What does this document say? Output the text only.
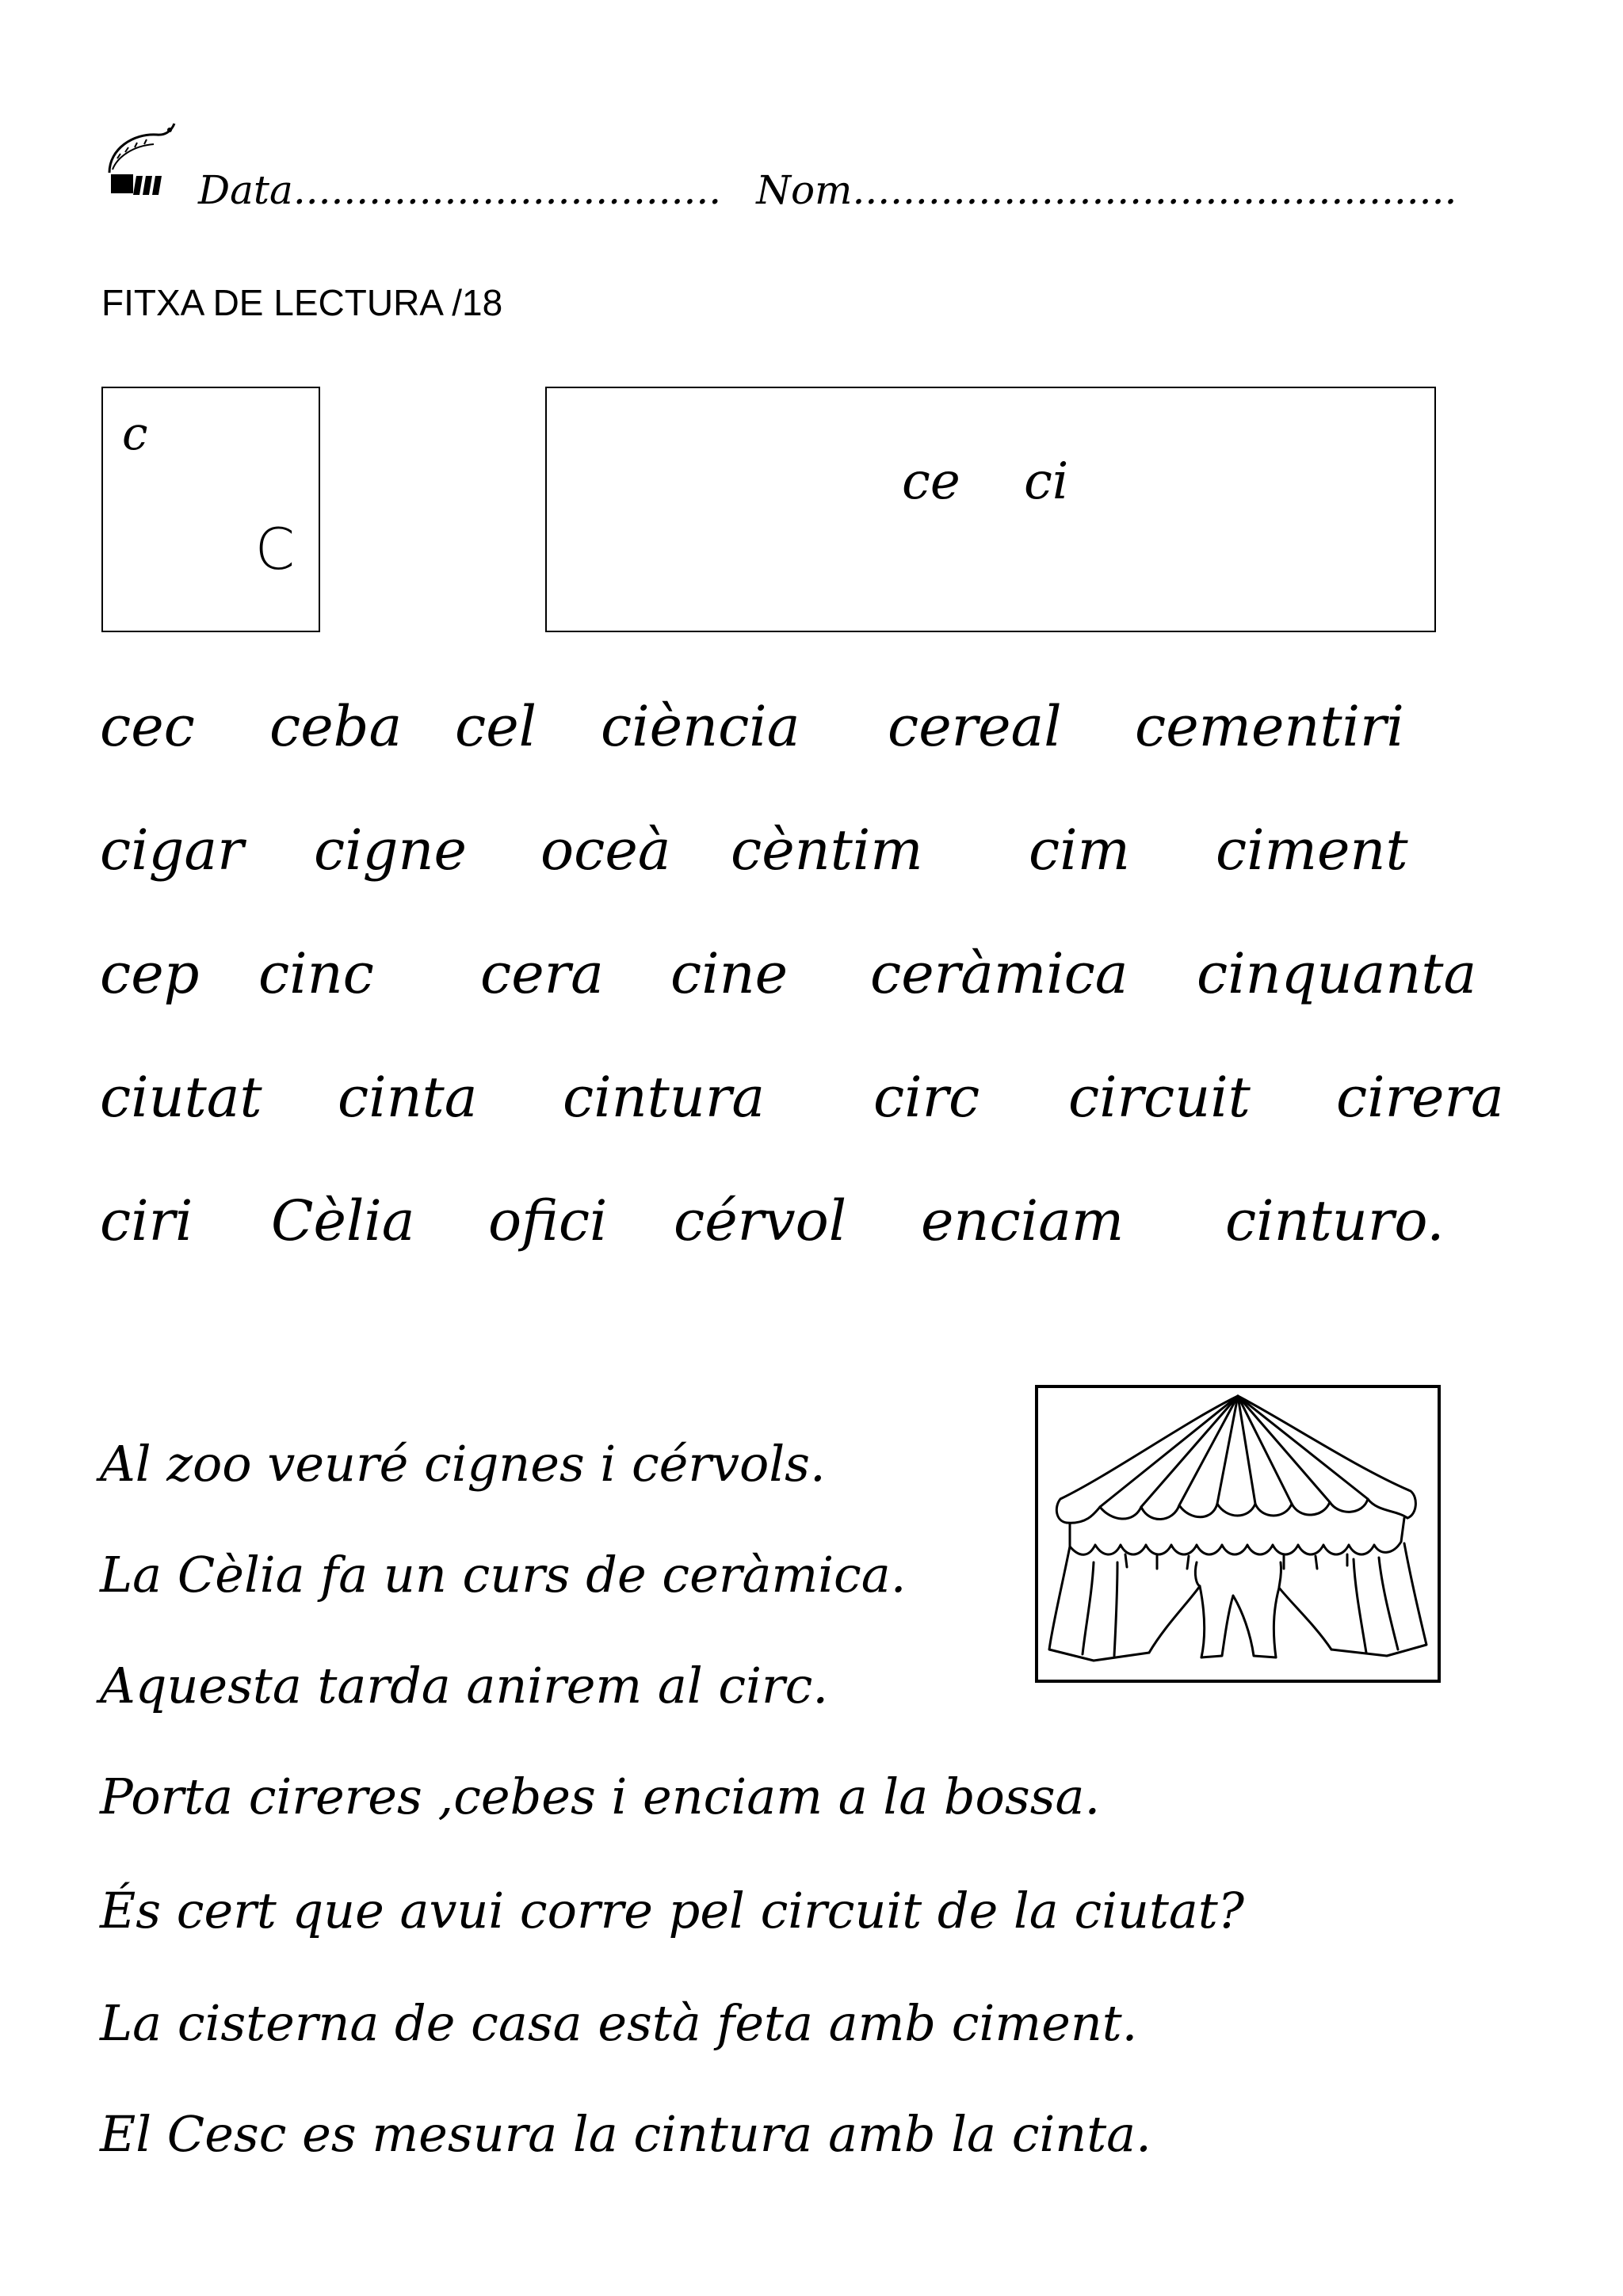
Data.................................. Nom................................................
FITXA DE LECTURA /18
c
C
ce ci
cec ceba cel ciència cereal cementiri
cigar cigne oceà cèntim cim ciment
cep cinc cera cine ceràmica cinquanta
ciutat cinta cintura circ circuit cirera
ciri Cèlia ofici cérvol enciam cinturo.
Al zoo veuré cignes i cérvols.
La Cèlia fa un curs de ceràmica.
Aquesta tarda anirem al circ.
Porta cireres ,cebes i enciam a la bossa.
És cert que avui corre pel circuit de la ciutat?
La cisterna de casa està feta amb ciment.
El Cesc es mesura la cintura amb la cinta.
